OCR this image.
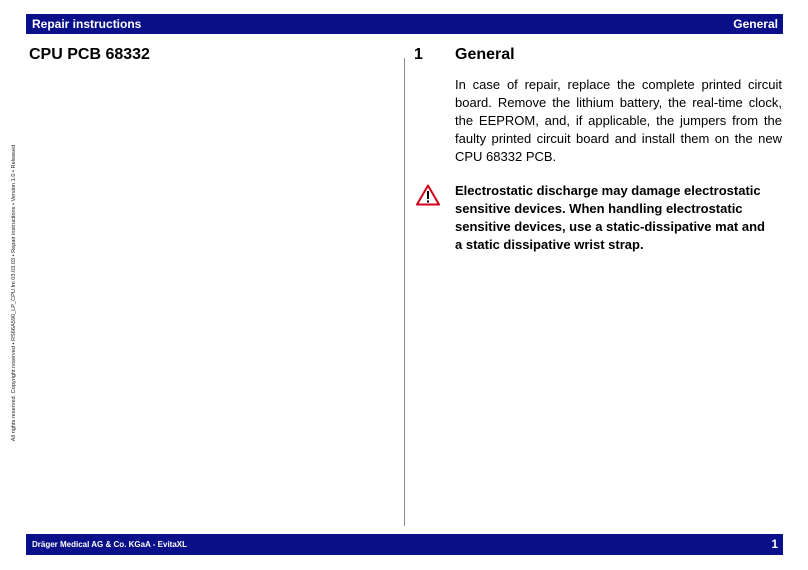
Repair instructions	General
All rights reserved. Copyright reserved • RS66A590_LP_CPU.fm 03.03.03 • Repair instructions • Version 1.0 • Released
CPU PCB 68332	1 General

In case of repair, replace the complete printed circuit board. Remove the lithium battery, the real-time clock, the EEPROM, and, if applicable, the jumpers from the faulty printed circuit board and install them on the new CPU 68332 PCB.

Electrostatic discharge may damage electrostatic sensitive devices. When handling electrostatic sensitive devices, use a static-dissipative mat and a static dissipative wrist strap.

Dräger Medical AG & Co. KGaA - EvitaXL	1
